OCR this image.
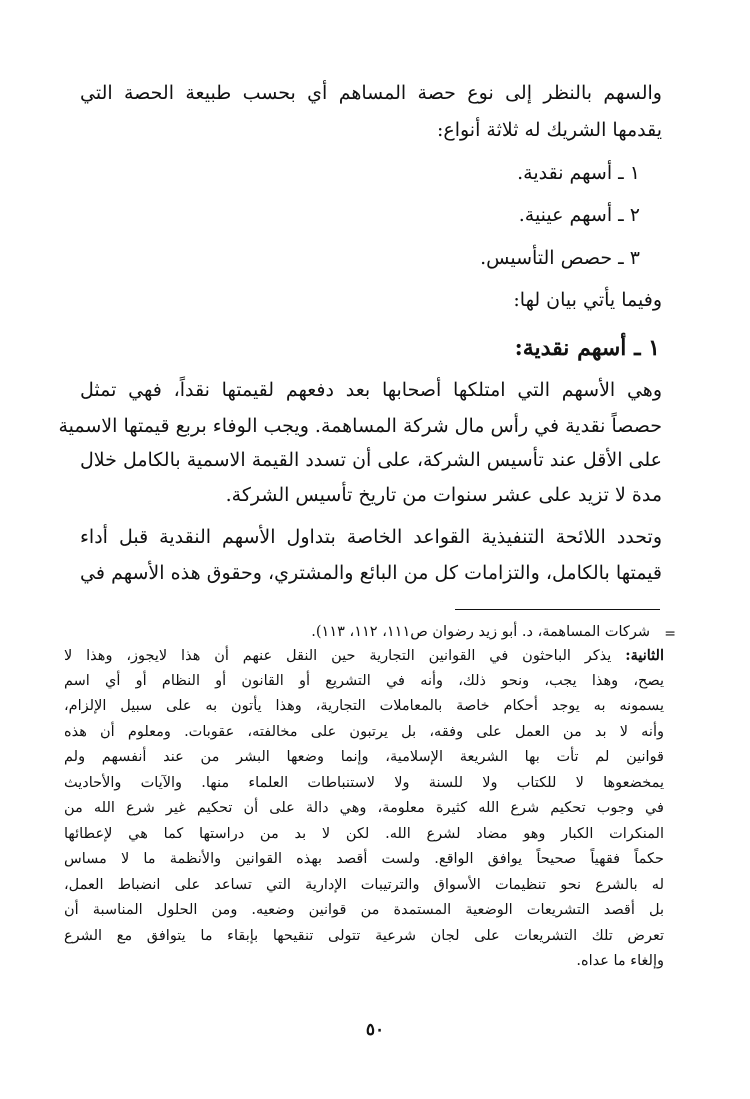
والسهم بالنظر إلى نوع حصة المساهم أي بحسب طبيعة الحصة التي
يقدمها الشريك له ثلاثة أنواع:
١ ـ أسهم نقدية.
٢ ـ أسهم عينية.
٣ ـ حصص التأسيس.
وفيما يأتي بيان لها:
١ ـ أسهم نقدية:
وهي الأسهم التي امتلكها أصحابها بعد دفعهم لقيمتها نقداً، فهي تمثل
حصصاً نقدية في رأس مال شركة المساهمة. ويجب الوفاء بربع قيمتها الاسمية
على الأقل عند تأسيس الشركة، على أن تسدد القيمة الاسمية بالكامل خلال
مدة لا تزيد على عشر سنوات من تاريخ تأسيس الشركة.
وتحدد اللائحة التنفيذية القواعد الخاصة بتداول الأسهم النقدية قبل أداء
قيمتها بالكامل، والتزامات كل من البائع والمشتري، وحقوق هذه الأسهم في
=
شركات المساهمة، د. أبو زيد رضوان ص١١١، ١١٢، ١١٣).
الثانية: يذكر الباحثون في القوانين التجارية حين النقل عنهم أن هذا لايجوز، وهذا لا
يصح، وهذا يجب، ونحو ذلك، وأنه في التشريع أو القانون أو النظام أو أي اسم
يسمونه به يوجد أحكام خاصة بالمعاملات التجارية، وهذا يأتون به على سبيل الإلزام،
وأنه لا بد من العمل على وفقه، بل يرتبون على مخالفته، عقوبات. ومعلوم أن هذه
قوانين لم تأت بها الشريعة الإسلامية، وإنما وضعها البشر من عند أنفسهم ولم
يمخضعوها لا للكتاب ولا للسنة ولا لاستنباطات العلماء منها. والآيات والأحاديث
في وجوب تحكيم شرع الله كثيرة معلومة، وهي دالة على أن تحكيم غير شرع الله من
المنكرات الكبار وهو مضاد لشرع الله. لكن لا بد من دراستها كما هي لإعطائها
حكماً فقهياً صحيحاً يوافق الواقع. ولست أقصد بهذه القوانين والأنظمة ما لا مساس
له بالشرع نحو تنظيمات الأسواق والترتيبات الإدارية التي تساعد على انضباط العمل،
بل أقصد التشريعات الوضعية المستمدة من قوانين وضعيه. ومن الحلول المناسبة أن
تعرض تلك التشريعات على لجان شرعية تتولى تنقيحها بإبقاء ما يتوافق مع الشرع
وإلغاء ما عداه.
٥٠
